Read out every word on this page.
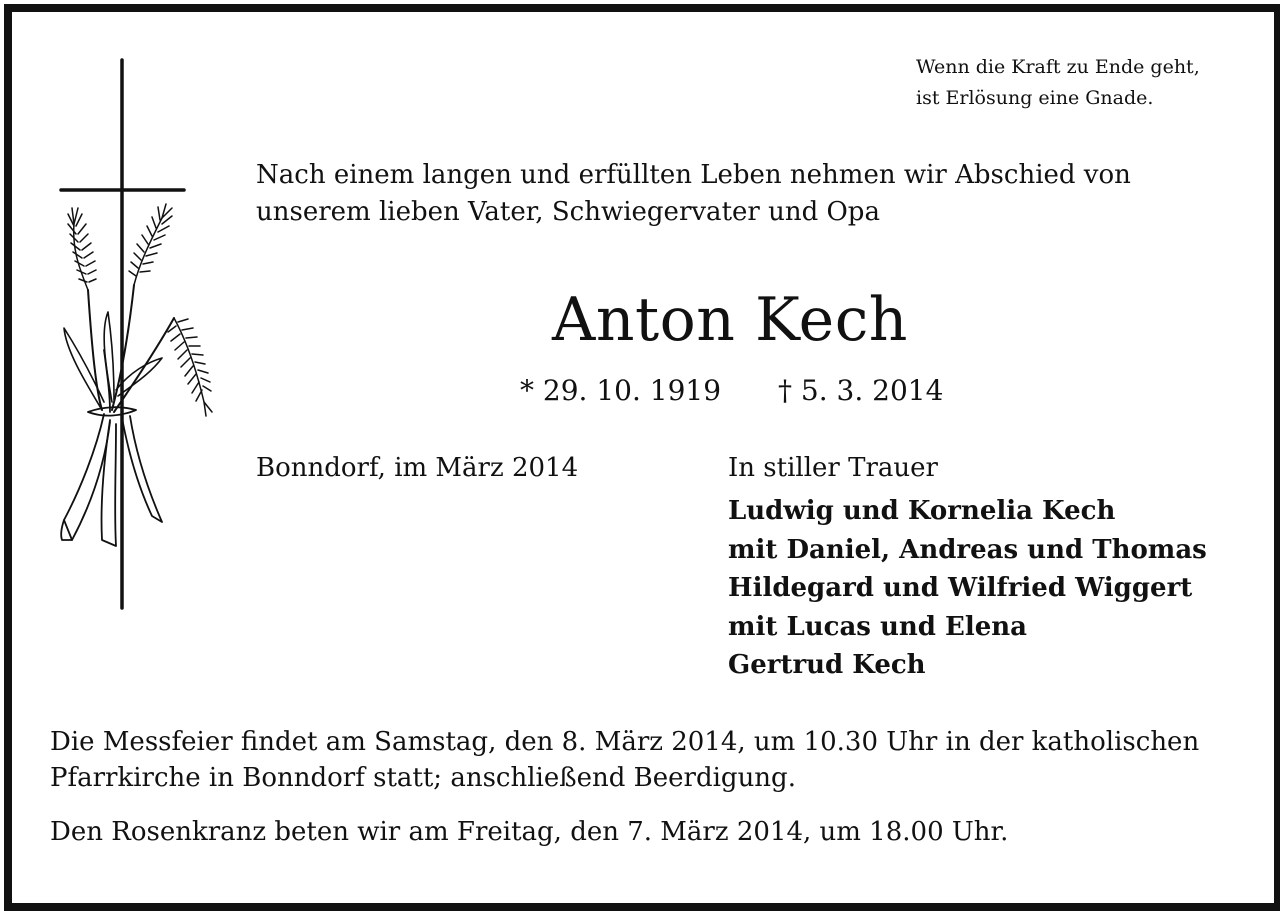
Wenn die Kraft zu Ende geht,
ist Erlösung eine Gnade.
Nach einem langen und erfüllten Leben nehmen wir Abschied von
unserem lieben Vater, Schwiegervater und Opa
Anton Kech
* 29. 10. 1919 † 5. 3. 2014
Bonndorf, im März 2014	In stiller Trauer
Ludwig und Kornelia Kech
mit Daniel, Andreas und Thomas
Hildegard und Wilfried Wiggert
mit Lucas und Elena
Gertrud Kech
Die Messfeier findet am Samstag, den 8. März 2014, um 10.30 Uhr in der katholischen
Pfarrkirche in Bonndorf statt; anschließend Beerdigung.
Den Rosenkranz beten wir am Freitag, den 7. März 2014, um 18.00 Uhr.
